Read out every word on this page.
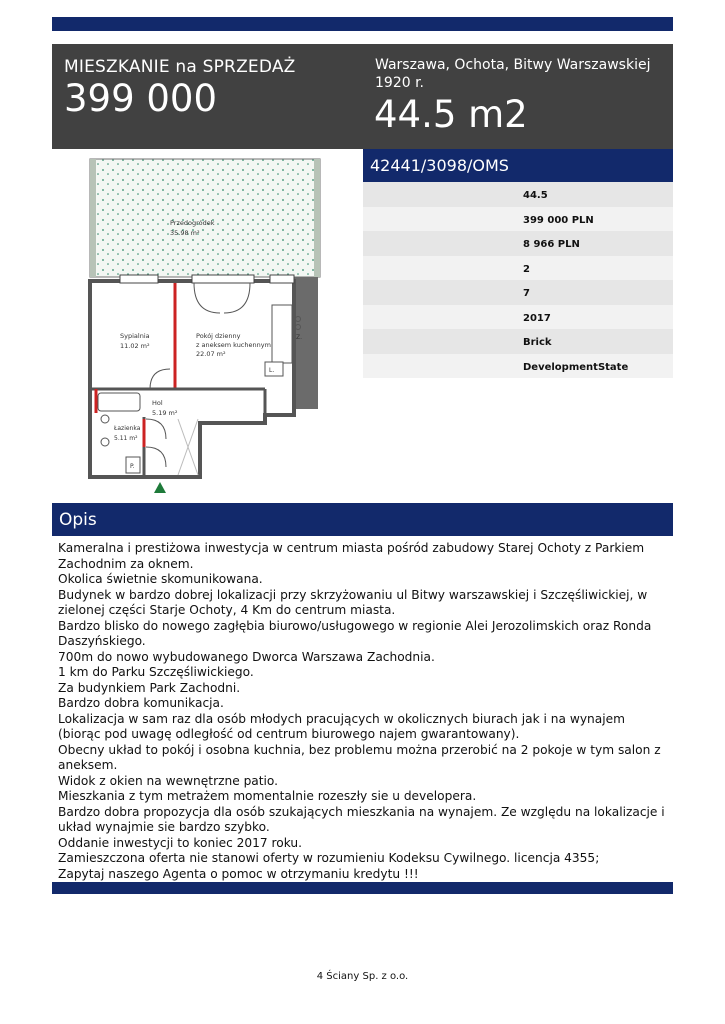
MIESZKANIE na SPRZEDAŻ
399 000
Warszawa, Ochota, Bitwy Warszawskiej 1920 r.
44.5 m2
Przedogródek
35.98 m²
Sypialnia
11.02 m²
Pokój dzienny
z aneksem kuchennym
22.07 m²
Hol
5.19 m²
Łazienka
5.11 m²
L.
Z.
P.
42441/3098/OMS
44.5
399 000 PLN
8 966 PLN
2
7
2017
Brick
DevelopmentState
Opis

Kameralna i prestiżowa inwestycja w centrum miasta pośród zabudowy Starej Ochoty z Parkiem Zachodnim za oknem.

Okolica świetnie skomunikowana.

Budynek w bardzo dobrej lokalizacji przy skrzyżowaniu ul Bitwy warszawskiej i Szczęśliwickiej, w zielonej części Starje Ochoty, 4 Km do centrum miasta.

Bardzo blisko do nowego zagłębia biurowo/usługowego w regionie Alei Jerozolimskich oraz Ronda Daszyńskiego.

700m do nowo wybudowanego Dworca Warszawa Zachodnia.

1 km do Parku Szczęśliwickiego.

Za budynkiem Park Zachodni.

Bardzo dobra komunikacja.

Lokalizacja w sam raz dla osób młodych pracujących w okolicznych biurach jak i na wynajem (biorąc pod uwagę odległość od centrum biurowego najem gwarantowany).

Obecny układ to pokój i osobna kuchnia, bez problemu można przerobić na 2 pokoje w tym salon z aneksem.

Widok z okien na wewnętrzne patio.

Mieszkania z tym metrażem momentalnie rozeszły sie u developera.

Bardzo dobra propozycja dla osób szukających mieszkania na wynajem. Ze względu na lokalizacje i układ wynajmie sie bardzo szybko.

Oddanie inwestycji to koniec 2017 roku.

Zamieszczona oferta nie stanowi oferty w rozumieniu Kodeksu Cywilnego. licencja 4355;

Zapytaj naszego Agenta o pomoc w otrzymaniu kredytu !!!

4 Ściany Sp. z o.o.
